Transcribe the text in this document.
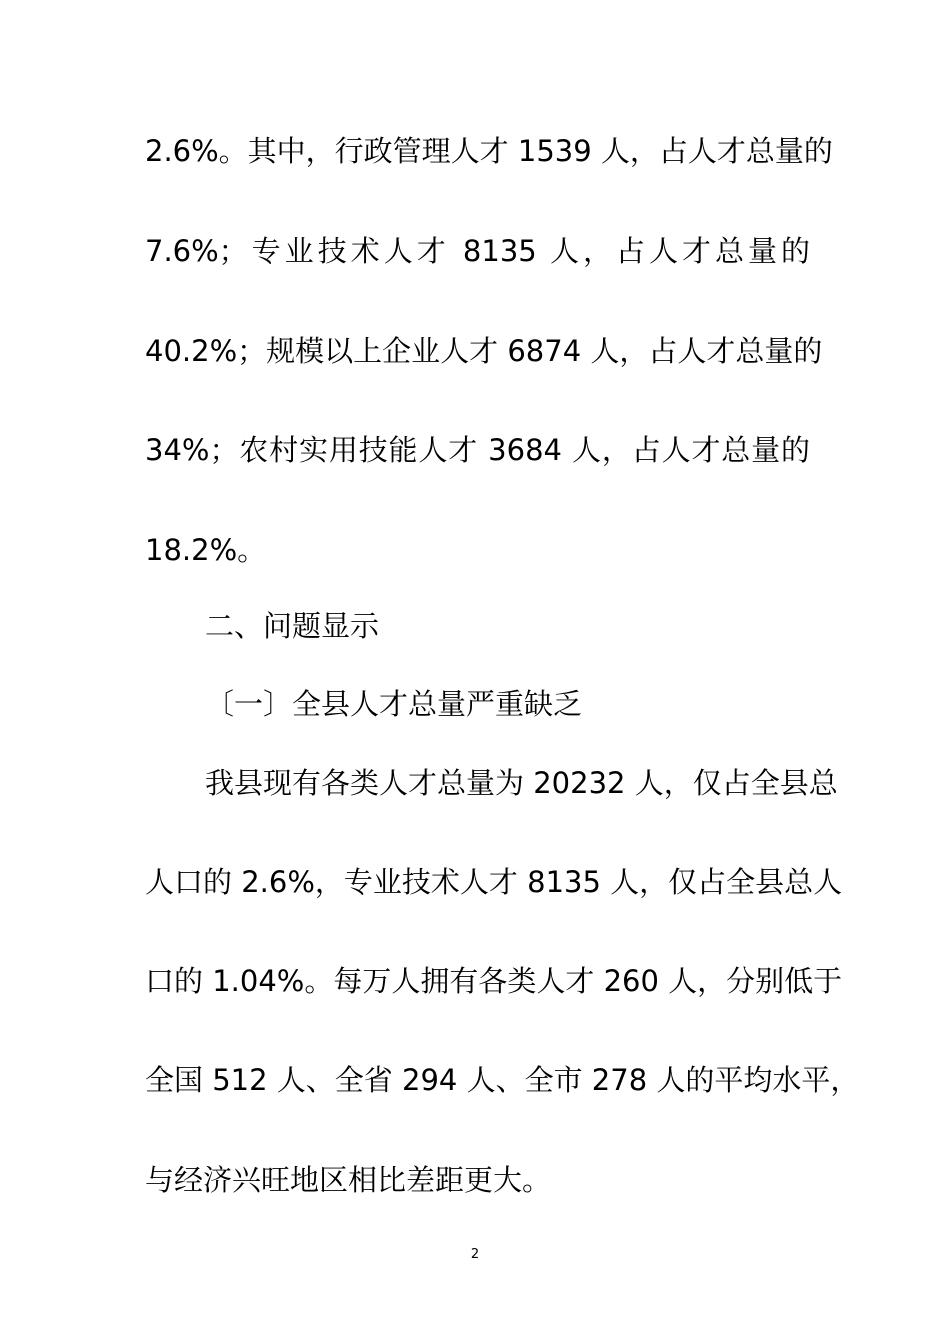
2.6%。其中，行政管理人才 1539 人，占人才总量的
7.6%；专业技术人才 8135 人，占人才总量的
40.2%；规模以上企业人才 6874 人，占人才总量的
34%；农村实用技能人才 3684 人，占人才总量的
18.2%。
二、问题显示
〔一〕全县人才总量严重缺乏
我县现有各类人才总量为 20232 人，仅占全县总
人口的 2.6%，专业技术人才 8135 人，仅占全县总人
口的 1.04%。每万人拥有各类人才 260 人，分别低于
全国 512 人、全省 294 人、全市 278 人的平均水平，
与经济兴旺地区相比差距更大。
2
